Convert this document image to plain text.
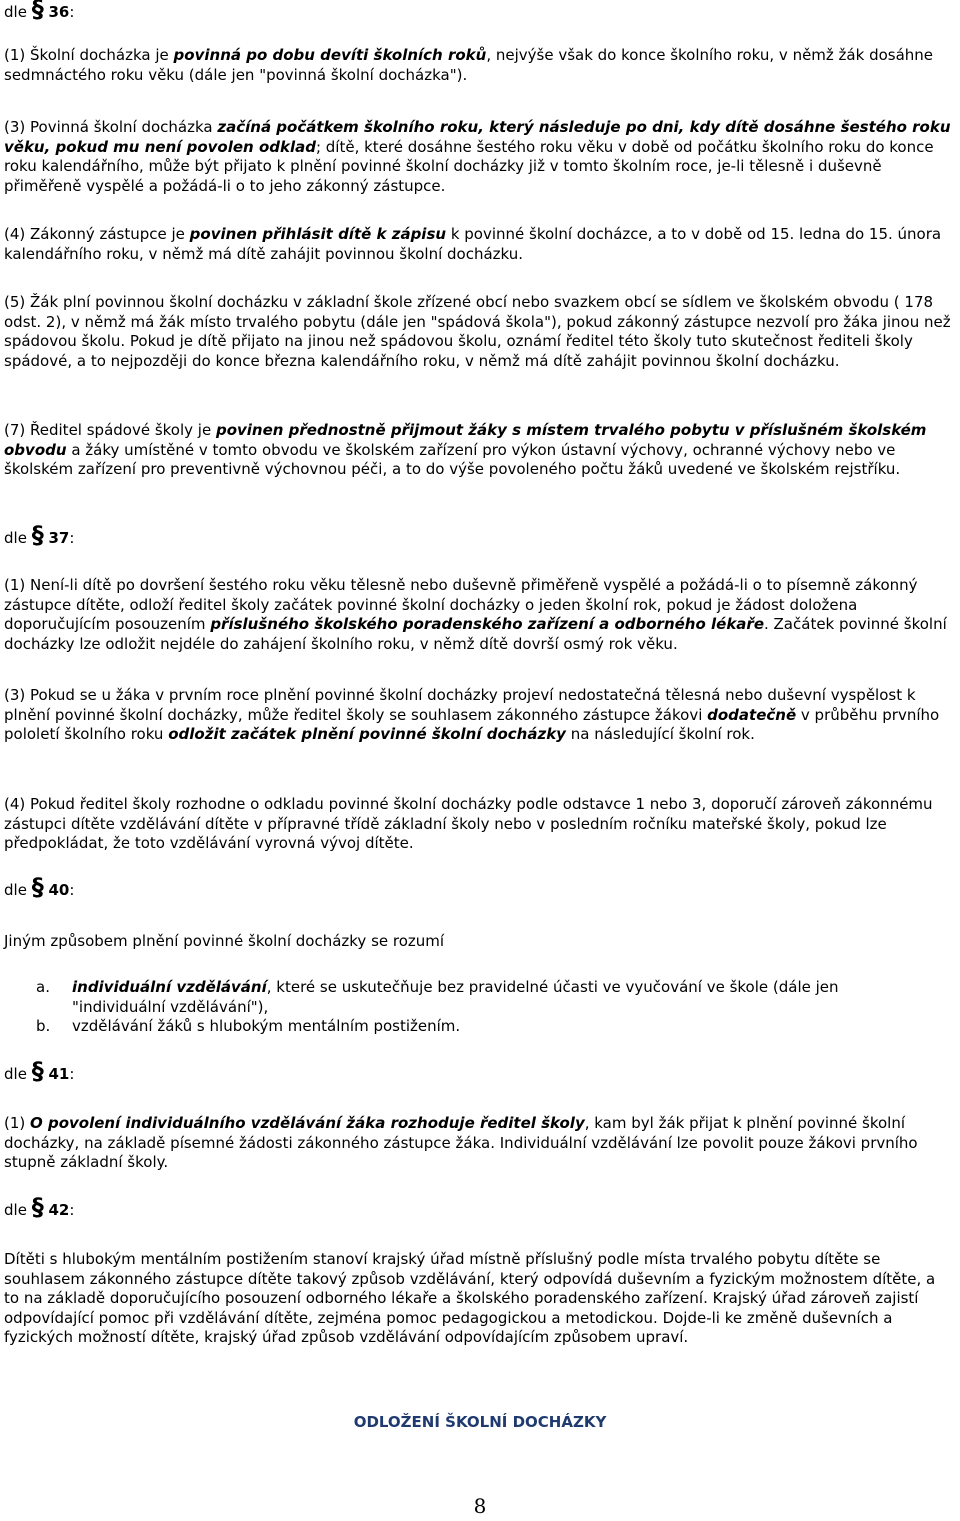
dle § 36:

(1) Školní docházka je povinná po dobu devíti školních roků, nejvýše však do konce školního roku, v němž žák dosáhne sedmnáctého roku věku (dále jen "povinná školní docházka").

(3) Povinná školní docházka začíná počátkem školního roku, který následuje po dni, kdy dítě dosáhne šestého roku věku, pokud mu není povolen odklad; dítě, které dosáhne šestého roku věku v době od počátku školního roku do konce roku kalendářního, může být přijato k plnění povinné školní docházky již v tomto školním roce, je-li tělesně i duševně přiměřeně vyspělé a požádá-li o to jeho zákonný zástupce.

(4) Zákonný zástupce je povinen přihlásit dítě k zápisu k povinné školní docházce, a to v době od 15. ledna do 15. února kalendářního roku, v němž má dítě zahájit povinnou školní docházku.

(5) Žák plní povinnou školní docházku v základní škole zřízené obcí nebo svazkem obcí se sídlem ve školském obvodu ( 178 odst. 2), v němž má žák místo trvalého pobytu (dále jen "spádová škola"), pokud zákonný zástupce nezvolí pro žáka jinou než spádovou školu. Pokud je dítě přijato na jinou než spádovou školu, oznámí ředitel této školy tuto skutečnost řediteli školy spádové, a to nejpozději do konce března kalendářního roku, v němž má dítě zahájit povinnou školní docházku.

(7) Ředitel spádové školy je povinen přednostně přijmout žáky s místem trvalého pobytu v příslušném školském obvodu a žáky umístěné v tomto obvodu ve školském zařízení pro výkon ústavní výchovy, ochranné výchovy nebo ve školském zařízení pro preventivně výchovnou péči, a to do výše povoleného počtu žáků uvedené ve školském rejstříku.

dle § 37:

(1) Není-li dítě po dovršení šestého roku věku tělesně nebo duševně přiměřeně vyspělé a požádá-li o to písemně zákonný zástupce dítěte, odloží ředitel školy začátek povinné školní docházky o jeden školní rok, pokud je žádost doložena doporučujícím posouzením příslušného školského poradenského zařízení a odborného lékaře. Začátek povinné školní docházky lze odložit nejdéle do zahájení školního roku, v němž dítě dovrší osmý rok věku.

(3) Pokud se u žáka v prvním roce plnění povinné školní docházky projeví nedostatečná tělesná nebo duševní vyspělost k plnění povinné školní docházky, může ředitel školy se souhlasem zákonného zástupce žákovi dodatečně v průběhu prvního pololetí školního roku odložit začátek plnění povinné školní docházky na následující školní rok.

(4) Pokud ředitel školy rozhodne o odkladu povinné školní docházky podle odstavce 1 nebo 3, doporučí zároveň zákonnému zástupci dítěte vzdělávání dítěte v přípravné třídě základní školy nebo v posledním ročníku mateřské školy, pokud lze předpokládat, že toto vzdělávání vyrovná vývoj dítěte.

dle § 40:

Jiným způsobem plnění povinné školní docházky se rozumí

a. individuální vzdělávání, které se uskutečňuje bez pravidelné účasti ve vyučování ve škole (dále jen "individuální vzdělávání"),
b. vzdělávání žáků s hlubokým mentálním postižením.
dle § 41:

(1) O povolení individuálního vzdělávání žáka rozhoduje ředitel školy, kam byl žák přijat k plnění povinné školní docházky, na základě písemné žádosti zákonného zástupce žáka. Individuální vzdělávání lze povolit pouze žákovi prvního stupně základní školy.

dle § 42:

Dítěti s hlubokým mentálním postižením stanoví krajský úřad místně příslušný podle místa trvalého pobytu dítěte se souhlasem zákonného zástupce dítěte takový způsob vzdělávání, který odpovídá duševním a fyzickým možnostem dítěte, a to na základě doporučujícího posouzení odborného lékaře a školského poradenského zařízení. Krajský úřad zároveň zajistí odpovídající pomoc při vzdělávání dítěte, zejména pomoc pedagogickou a metodickou. Dojde-li ke změně duševních a fyzických možností dítěte, krajský úřad způsob vzdělávání odpovídajícím způsobem upraví.

ODLOŽENÍ ŠKOLNÍ DOCHÁZKY
8
